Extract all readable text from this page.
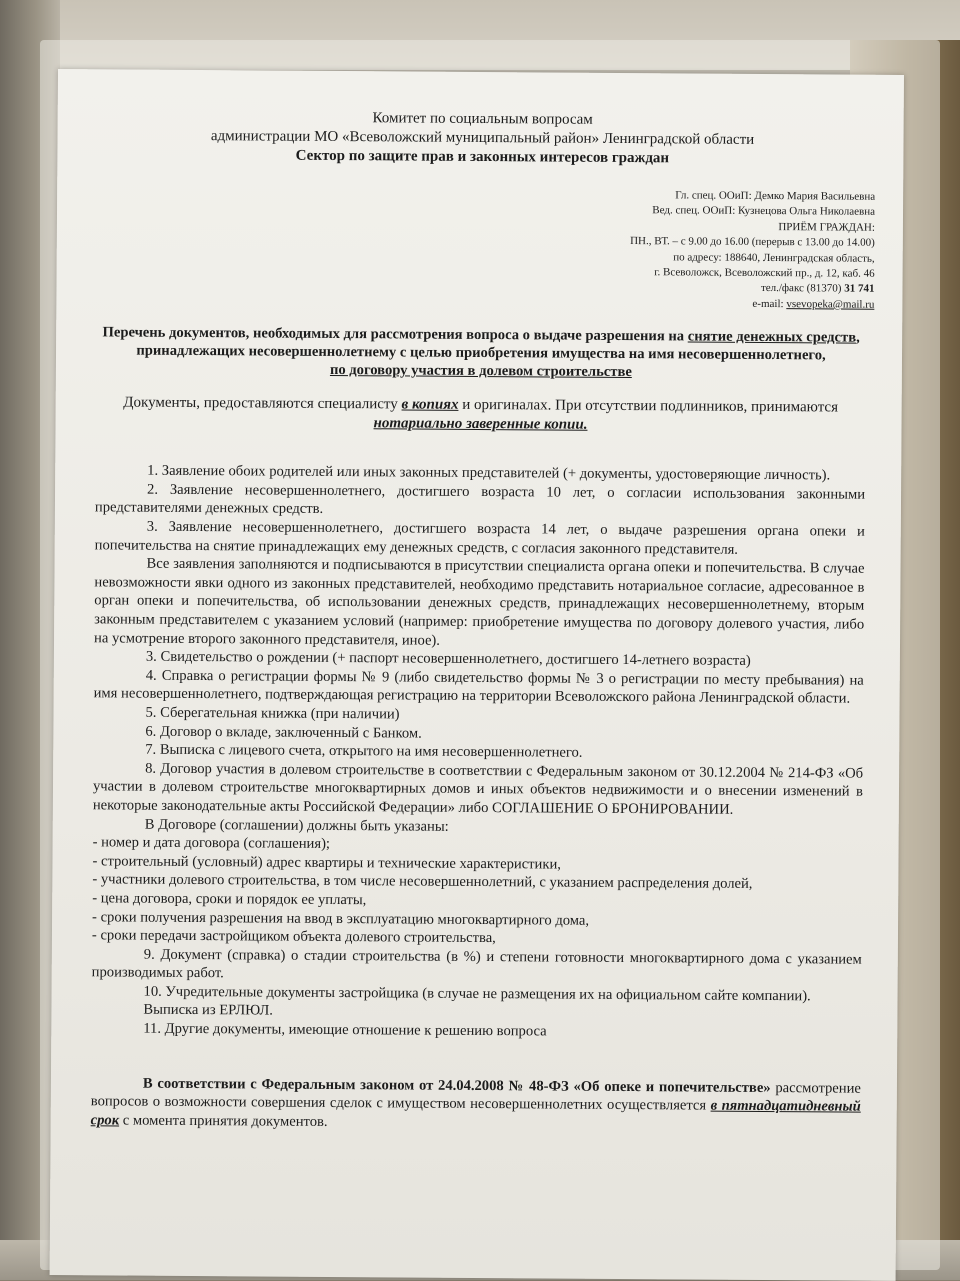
Комитет по социальным вопросам
администрации МО «Всеволожский муниципальный район» Ленинградской области
Сектор по защите прав и законных интересов граждан
Гл. спец. ООиП: Демко Мария Васильевна
Вед. спец. ООиП: Кузнецова Ольга Николаевна
ПРИЁМ ГРАЖДАН:
ПН., ВТ. – с 9.00 до 16.00 (перерыв с 13.00 до 14.00)
по адресу: 188640, Ленинградская область,
г. Всеволожск, Всеволожский пр., д. 12, каб. 46
тел./факс (81370) 31 741
e-mail: vsevopeka@mail.ru
Перечень документов, необходимых для рассмотрения вопроса о выдаче разрешения на снятие денежных средств, принадлежащих несовершеннолетнему с целью приобретения имущества на имя несовершеннолетнего,
по договору участия в долевом строительстве
Документы, предоставляются специалисту в копиях и оригиналах. При отсутствии подлинников, принимаются нотариально заверенные копии.

1. Заявление обоих родителей или иных законных представителей (+ документы, удостоверяющие личность).

2. Заявление несовершеннолетнего, достигшего возраста 10 лет, о согласии использования законными представителями денежных средств.

3. Заявление несовершеннолетнего, достигшего возраста 14 лет, о выдаче разрешения органа опеки и попечительства на снятие принадлежащих ему денежных средств, с согласия законного представителя.

Все заявления заполняются и подписываются в присутствии специалиста органа опеки и попечительства. В случае невозможности явки одного из законных представителей, необходимо представить нотариальное согласие, адресованное в орган опеки и попечительства, об использовании денежных средств, принадлежащих несовершеннолетнему, вторым законным представителем с указанием условий (например: приобретение имущества по договору долевого участия, либо на усмотрение второго законного представителя, иное).

3. Свидетельство о рождении (+ паспорт несовершеннолетнего, достигшего 14-летнего возраста)

4. Справка о регистрации формы № 9 (либо свидетельство формы № 3 о регистрации по месту пребывания) на имя несовершеннолетнего, подтверждающая регистрацию на территории Всеволожского района Ленинградской области.

5. Сберегательная книжка (при наличии)

6. Договор о вкладе, заключенный с Банком.

7. Выписка с лицевого счета, открытого на имя несовершеннолетнего.

8. Договор участия в долевом строительстве в соответствии с Федеральным законом от 30.12.2004 № 214-ФЗ «Об участии в долевом строительстве многоквартирных домов и иных объектов недвижимости и о внесении изменений в некоторые законодательные акты Российской Федерации» либо СОГЛАШЕНИЕ О БРОНИРОВАНИИ.

В Договоре (соглашении) должны быть указаны:

- номер и дата договора (соглашения);

- строительный (условный) адрес квартиры и технические характеристики,

- участники долевого строительства, в том числе несовершеннолетний, с указанием распределения долей,

- цена договора, сроки и порядок ее уплаты,

- сроки получения разрешения на ввод в эксплуатацию многоквартирного дома,

- сроки передачи застройщиком объекта долевого строительства,

9. Документ (справка) о стадии строительства (в %) и степени готовности многоквартирного дома с указанием производимых работ.

10. Учредительные документы застройщика (в случае не размещения их на официальном сайте компании).

Выписка из ЕРЛЮЛ.

11. Другие документы, имеющие отношение к решению вопроса

В соответствии с Федеральным законом от 24.04.2008 № 48-ФЗ «Об опеке и попечительстве» рассмотрение вопросов о возможности совершения сделок с имуществом несовершеннолетних осуществляется в пятнадцатидневный срок с момента принятия документов.
